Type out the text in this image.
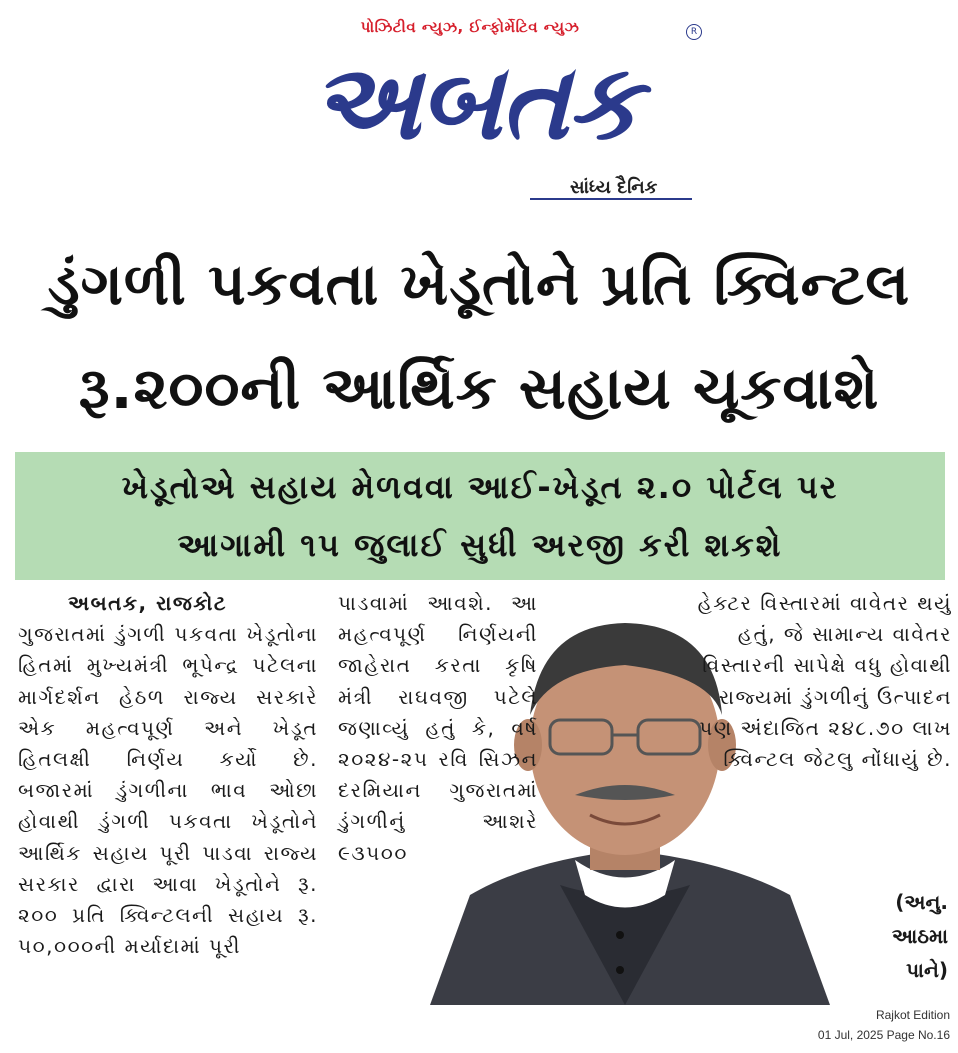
પોઝિટીવ ન્યુઝ, ઈન્ફોર્મેટિવ ન્યુઝ	R
અબતક
સાંધ્ય દૈનિક
ડુંગળી પકવતા ખેડૂતોને પ્રતિ ક્વિન્ટલ
રૂ.૨૦૦ની આર્થિક સહાય ચૂકવાશે
ખેડૂતોએ સહાય મેળવવા આઈ-ખેડૂત ૨.૦ પોર્ટલ પર
આગામી ૧૫ જુલાઈ સુધી અરજી કરી શકશે
અબતક, રાજકોટ
ગુજરાતમાં ડુંગળી પકવતા ખેડૂતોના હિતમાં મુખ્યમંત્રી ભૂપેન્દ્ર પટેલના માર્ગદર્શન હેઠળ રાજ્ય સરકારે એક મહત્વપૂર્ણ અને ખેડૂત હિતલક્ષી નિર્ણય કર્યો છે. બજારમાં ડુંગળીના ભાવ ઓછા હોવાથી ડુંગળી પકવતા ખેડૂતોને આર્થિક સહાય પૂરી પાડવા રાજ્ય સરકાર દ્વારા આવા ખેડૂતોને રૂ. ૨૦૦ પ્રતિ ક્વિન્ટલની સહાય રૂ. ૫૦,૦૦૦ની મર્યાદામાં પૂરી
પાડવામાં આવશે. આ મહત્વપૂર્ણ નિર્ણયની જાહેરાત કરતા કૃષિ મંત્રી રાઘવજી પટેલે જણાવ્યું હતું કે, વર્ષ ૨૦૨૪-૨૫ રવિ સિઝન દરમિયાન ગુજરાતમાં ડુંગળીનું આશરે ૯૩૫૦૦
હેક્ટર વિસ્તારમાં વાવેતર થયું હતું, જે સામાન્ય વાવેતર વિસ્તારની સાપેક્ષે વધુ હોવાથી રાજ્યમાં ડુંગળીનું ઉત્પાદન પણ અંદાજિત ૨૪૮.૭૦ લાખ ક્વિન્ટલ જેટલુ નોંધાયું છે.
(અનુ. આઠમા પાને)
Rajkot Edition
01 Jul, 2025 Page No.16
